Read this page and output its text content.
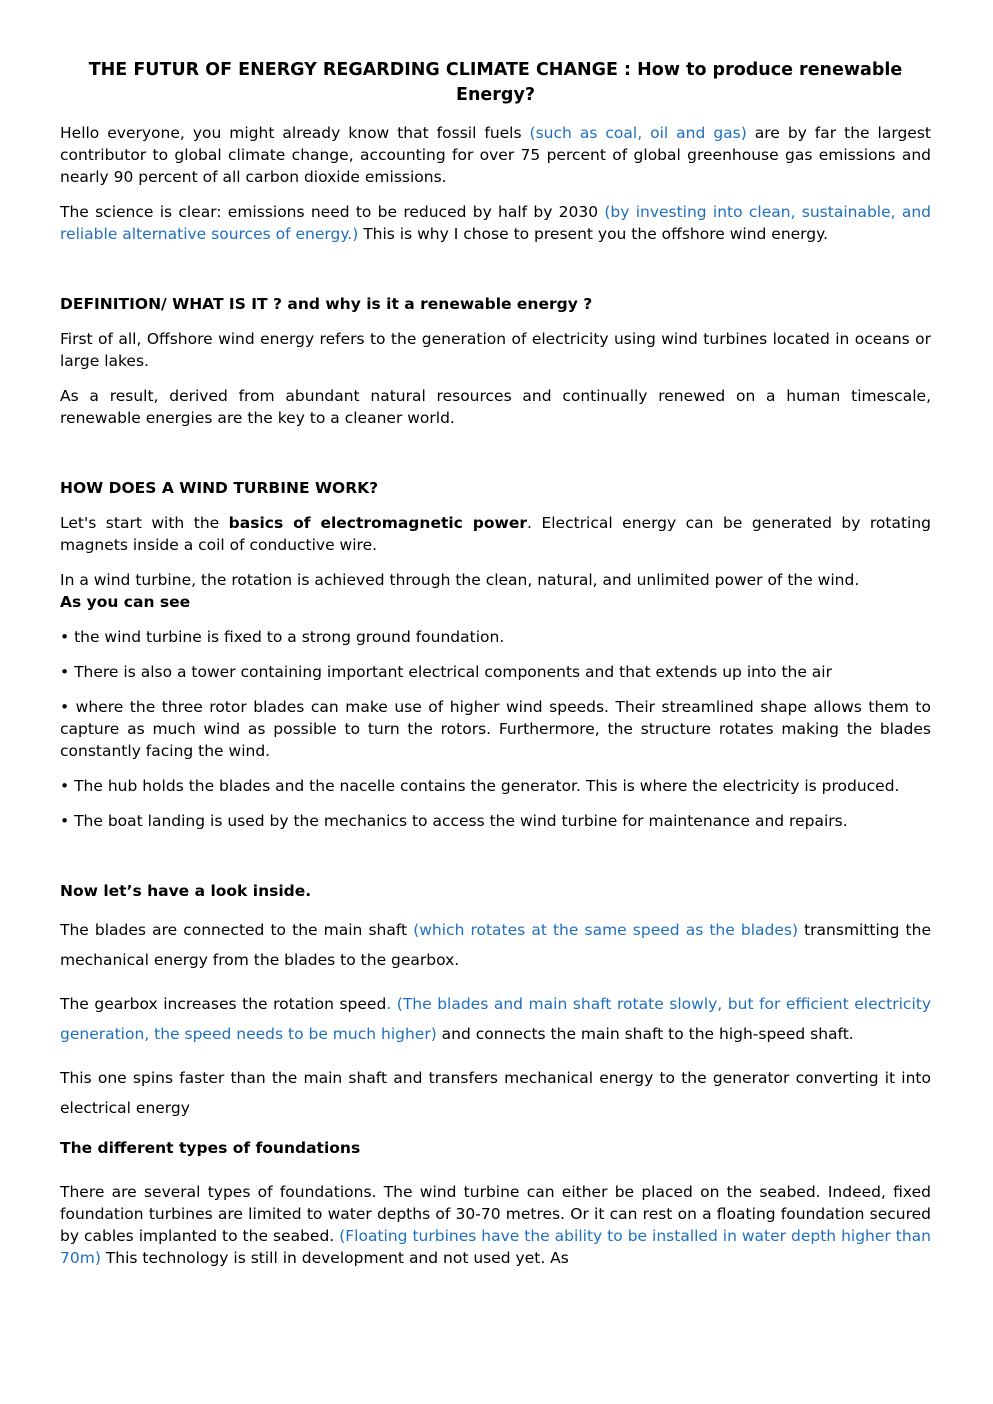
THE FUTUR OF ENERGY REGARDING CLIMATE CHANGE : How to produce renewable Energy?

Hello everyone, you might already know that fossil fuels (such as coal, oil and gas) are by far the largest contributor to global climate change, accounting for over 75 percent of global greenhouse gas emissions and nearly 90 percent of all carbon dioxide emissions.

The science is clear: emissions need to be reduced by half by 2030 (by investing into clean, sustainable, and reliable alternative sources of energy.) This is why I chose to present you the offshore wind energy.

DEFINITION/ WHAT IS IT ? and why is it a renewable energy ?

First of all, Offshore wind energy refers to the generation of electricity using wind turbines located in oceans or large lakes.

As a result, derived from abundant natural resources and continually renewed on a human timescale, renewable energies are the key to a cleaner world.

HOW DOES A WIND TURBINE WORK?

Let's start with the basics of electromagnetic power. Electrical energy can be generated by rotating magnets inside a coil of conductive wire.

In a wind turbine, the rotation is achieved through the clean, natural, and unlimited power of the wind.
As you can see

• the wind turbine is fixed to a strong ground foundation.

• There is also a tower containing important electrical components and that extends up into the air

• where the three rotor blades can make use of higher wind speeds. Their streamlined shape allows them to capture as much wind as possible to turn the rotors. Furthermore, the structure rotates making the blades constantly facing the wind.

• The hub holds the blades and the nacelle contains the generator. This is where the electricity is produced.

• The boat landing is used by the mechanics to access the wind turbine for maintenance and repairs.

Now let’s have a look inside.

The blades are connected to the main shaft (which rotates at the same speed as the blades) transmitting the mechanical energy from the blades to the gearbox.

The gearbox increases the rotation speed. (The blades and main shaft rotate slowly, but for efficient electricity generation, the speed needs to be much higher) and connects the main shaft to the high-speed shaft.

This one spins faster than the main shaft and transfers mechanical energy to the generator converting it into electrical energy

The different types of foundations

There are several types of foundations. The wind turbine can either be placed on the seabed. Indeed, fixed foundation turbines are limited to water depths of 30-70 metres. Or it can rest on a floating foundation secured by cables implanted to the seabed. (Floating turbines have the ability to be installed in water depth higher than 70m) This technology is still in development and not used yet. As
